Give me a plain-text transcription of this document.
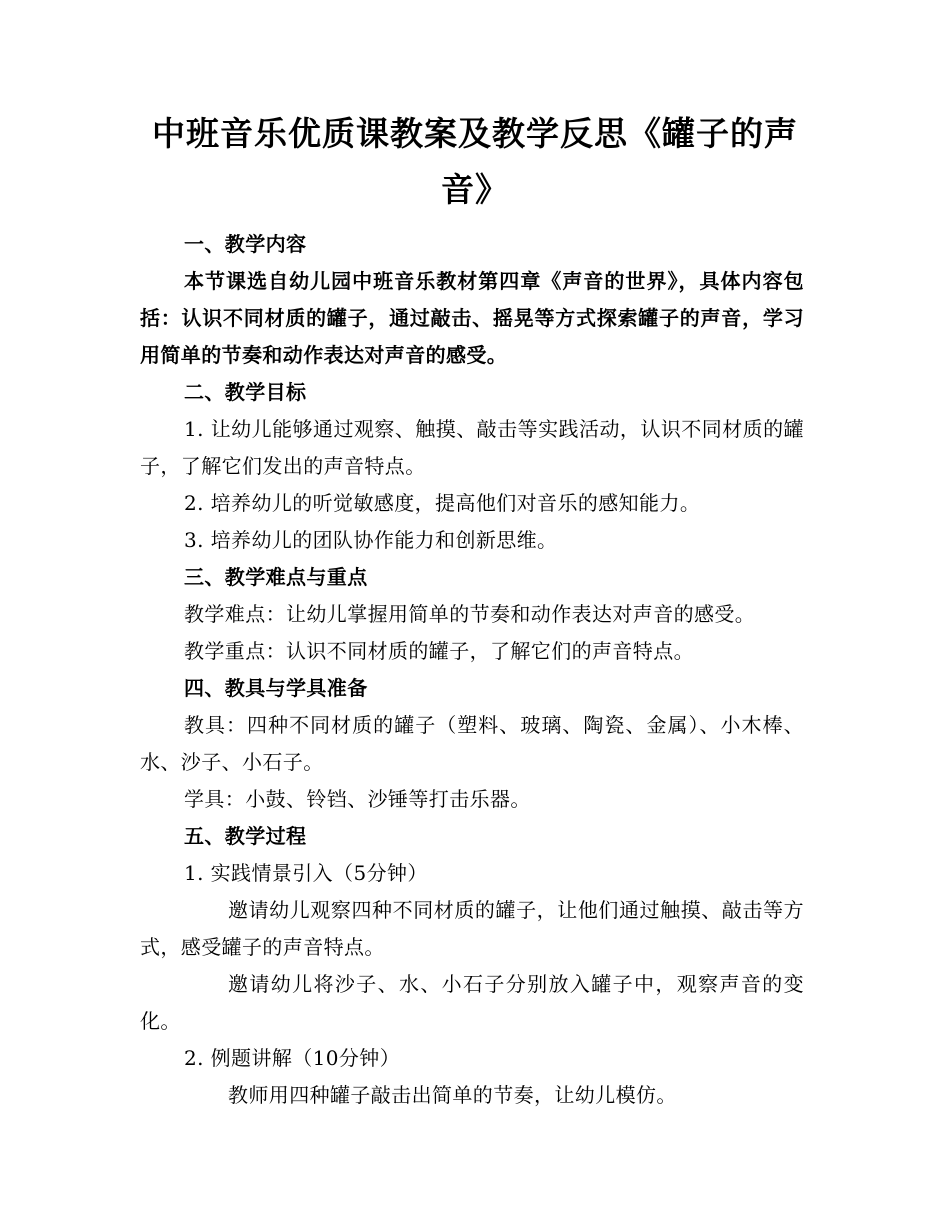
中班音乐优质课教案及教学反思《罐子的声音》

一、教学内容

本节课选自幼儿园中班音乐教材第四章《声音的世界》，具体内容包括：认识不同材质的罐子，通过敲击、摇晃等方式探索罐子的声音，学习用简单的节奏和动作表达对声音的感受。

二、教学目标

1. 让幼儿能够通过观察、触摸、敲击等实践活动，认识不同材质的罐子，了解它们发出的声音特点。

2. 培养幼儿的听觉敏感度，提高他们对音乐的感知能力。

3. 培养幼儿的团队协作能力和创新思维。

三、教学难点与重点

教学难点：让幼儿掌握用简单的节奏和动作表达对声音的感受。

教学重点：认识不同材质的罐子，了解它们的声音特点。

四、教具与学具准备

教具：四种不同材质的罐子（塑料、玻璃、陶瓷、金属）、小木棒、水、沙子、小石子。

学具：小鼓、铃铛、沙锤等打击乐器。

五、教学过程

1. 实践情景引入（5分钟）

邀请幼儿观察四种不同材质的罐子，让他们通过触摸、敲击等方式，感受罐子的声音特点。

邀请幼儿将沙子、水、小石子分别放入罐子中，观察声音的变化。

2. 例题讲解（10分钟）

教师用四种罐子敲击出简单的节奏，让幼儿模仿。
